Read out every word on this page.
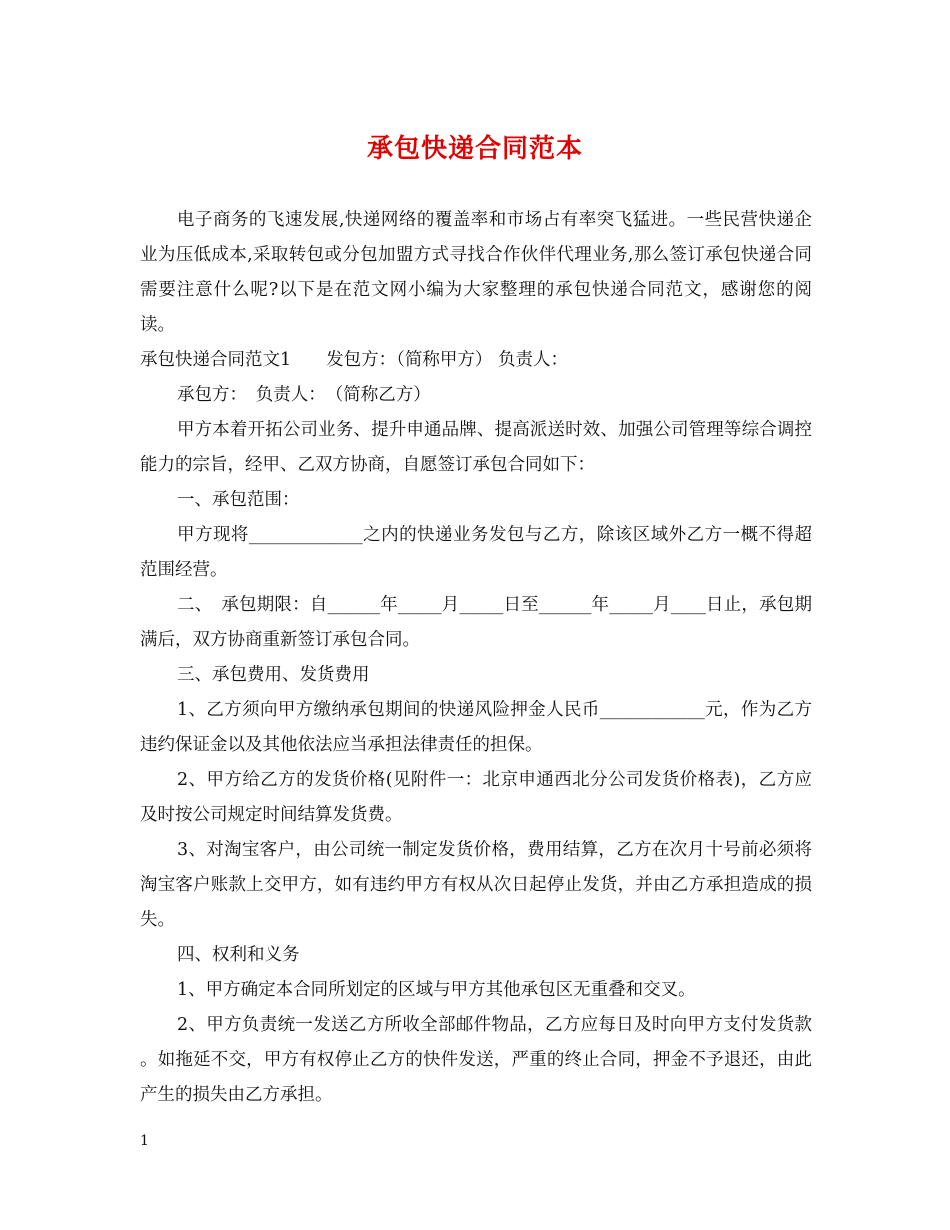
承包快递合同范本

电子商务的飞速发展,快递网络的覆盖率和市场占有率突飞猛进。一些民营快递企业为压低成本,采取转包或分包加盟方式寻找合作伙伴代理业务,那么签订承包快递合同需要注意什么呢?以下是在范文网小编为大家整理的承包快递合同范文，感谢您的阅读。

承包快递合同范文1　　发包方：（简称甲方） 负责人：

承包方：　负责人：　（简称乙方）

甲方本着开拓公司业务、提升申通品牌、提高派送时效、加强公司管理等综合调控能力的宗旨，经甲、乙双方协商，自愿签订承包合同如下：

一、承包范围：

甲方现将_____________之内的快递业务发包与乙方，除该区域外乙方一概不得超范围经营。

二、　承包期限：自______年_____月_____日至______年_____月____日止，承包期满后，双方协商重新签订承包合同。

三、承包费用、发货费用

1、乙方须向甲方缴纳承包期间的快递风险押金人民币____________元，作为乙方违约保证金以及其他依法应当承担法律责任的担保。

2、甲方给乙方的发货价格(见附件一：北京申通西北分公司发货价格表)，乙方应及时按公司规定时间结算发货费。

3、对淘宝客户，由公司统一制定发货价格，费用结算，乙方在次月十号前必须将淘宝客户账款上交甲方，如有违约甲方有权从次日起停止发货，并由乙方承担造成的损失。

四、权利和义务

1、甲方确定本合同所划定的区域与甲方其他承包区无重叠和交叉。

2、甲方负责统一发送乙方所收全部邮件物品，乙方应每日及时向甲方支付发货款 。如拖延不交，甲方有权停止乙方的快件发送，严重的终止合同，押金不予退还，由此产生的损失由乙方承担。

1
